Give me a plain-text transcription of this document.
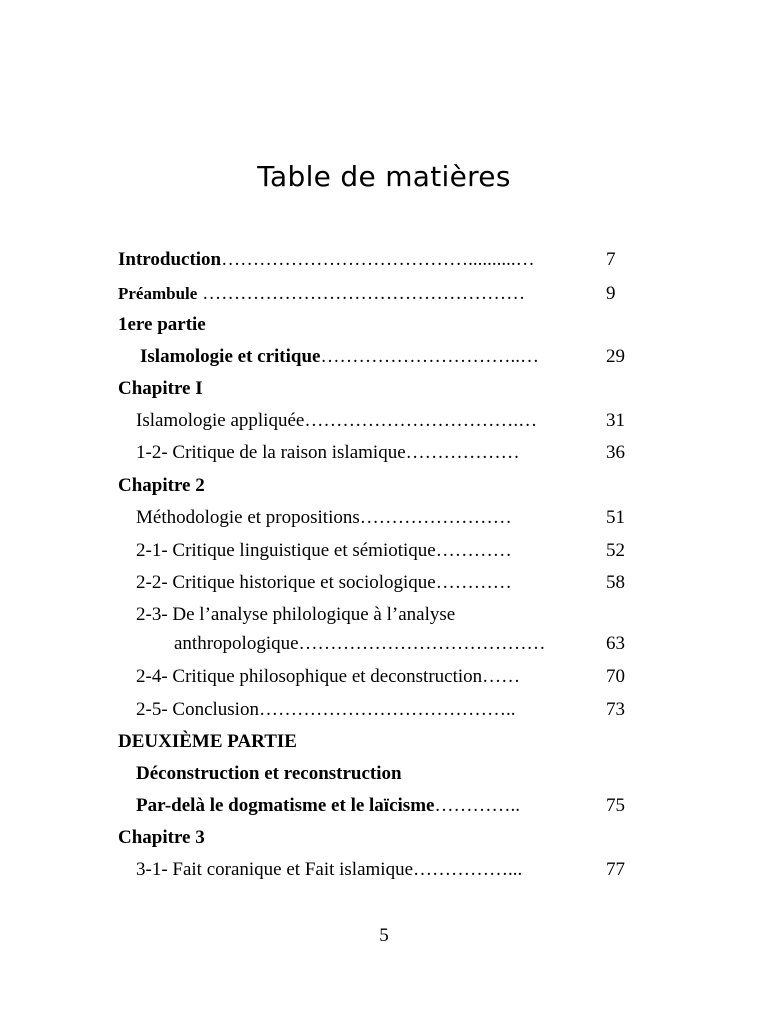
Table de matières
Introduction…………………………………..........…	7
Préambule ……………………………………………	9
1ere partie
Islamologie et critique…………………………..…	29
Chapitre I
Islamologie appliquée…………………………….…	31
1-2- Critique de la raison islamique………………	36
Chapitre 2
Méthodologie et propositions……………………	51
2-1- Critique linguistique et sémiotique…………	52
2-2- Critique historique et sociologique…………	58
2-3- De l’analyse philologique à l’analyse
anthropologique…………………………………	63
2-4- Critique philosophique et deconstruction……	70
2-5- Conclusion…………………………………..	73
DEUXIÈME PARTIE
Déconstruction et reconstruction
Par-delà le dogmatisme et le laïcisme…………..	75
Chapitre 3
3-1- Fait coranique et Fait islamique……………...	77
5
